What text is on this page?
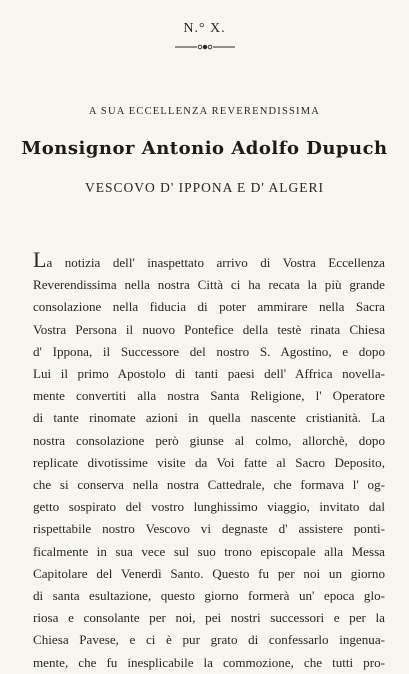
N.° X.
A SUA ECCELLENZA REVERENDISSIMA
Monsignor Antonio Adolfo Dupuch
VESCOVO D' IPPONA E D' ALGERI
La notizia dell' inaspettato arrivo di Vostra Eccellenza
Reverendissima nella nostra Città ci ha recata la più grande
consolazione nella fiducia di poter ammirare nella Sacra
Vostra Persona il nuovo Pontefice della testè rinata Chiesa
d' Ippona, il Successore del nostro S. Agostino, e dopo
Lui il primo Apostolo di tanti paesi dell' Affrica novella-
mente convertiti alla nostra Santa Religione, l' Operatore
di tante rinomate azioni in quella nascente cristianità. La
nostra consolazione però giunse al colmo, allorchè, dopo
replicate divotissime visite da Voi fatte al Sacro Deposito,
che si conserva nella nostra Cattedrale, che formava l' og-
getto sospirato del vostro lunghissimo viaggio, invitato dal
rispettabile nostro Vescovo vi degnaste d' assistere ponti-
ficalmente in sua vece sul suo trono episcopale alla Messa
Capitolare del Venerdì Santo. Questo fu per noi un giorno
di santa esultazione, questo giorno formerà un' epoca glo-
riosa e consolante per noi, pei nostri successori e per la
Chiesa Pavese, e ci è pur grato di confessarlo ingenua-
mente, che fu inesplicabile la commozione, che tutti pro-
